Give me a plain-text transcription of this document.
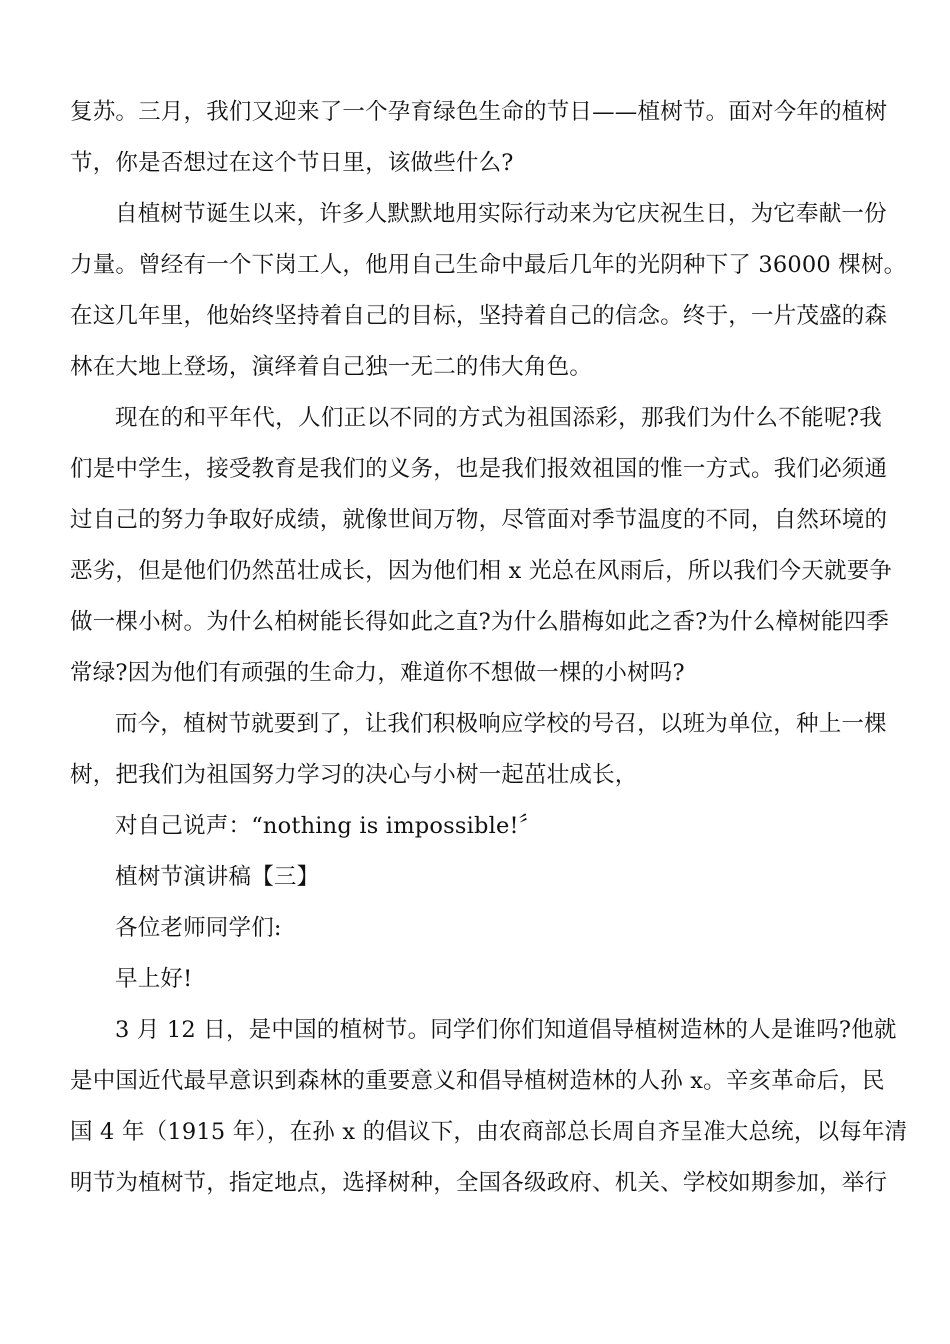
复苏。三月，我们又迎来了一个孕育绿色生命的节日——植树节。面对今年的植树
节，你是否想过在这个节日里，该做些什么?
自植树节诞生以来，许多人默默地用实际行动来为它庆祝生日，为它奉献一份
力量。曾经有一个下岗工人，他用自己生命中最后几年的光阴种下了 36000 棵树。
在这几年里，他始终坚持着自己的目标，坚持着自己的信念。终于，一片茂盛的森
林在大地上登场，演绎着自己独一无二的伟大角色。
现在的和平年代，人们正以不同的方式为祖国添彩，那我们为什么不能呢?我
们是中学生，接受教育是我们的义务，也是我们报效祖国的惟一方式。我们必须通
过自己的努力争取好成绩，就像世间万物，尽管面对季节温度的不同，自然环境的
恶劣，但是他们仍然茁壮成长，因为他们相 x 光总在风雨后，所以我们今天就要争
做一棵小树。为什么柏树能长得如此之直?为什么腊梅如此之香?为什么樟树能四季
常绿?因为他们有顽强的生命力，难道你不想做一棵的小树吗?
而今，植树节就要到了，让我们积极响应学校的号召，以班为单位，种上一棵
树，把我们为祖国努力学习的决心与小树一起茁壮成长，
对自己说声：“nothing is impossible!〞
植树节演讲稿【三】
各位老师同学们:
早上好!
3 月 12 日，是中国的植树节。同学们你们知道倡导植树造林的人是谁吗?他就
是中国近代最早意识到森林的重要意义和倡导植树造林的人孙 x。辛亥革命后，民
国 4 年（1915 年），在孙 x 的倡议下，由农商部总长周自齐呈准大总统，以每年清
明节为植树节，指定地点，选择树种，全国各级政府、机关、学校如期参加，举行
